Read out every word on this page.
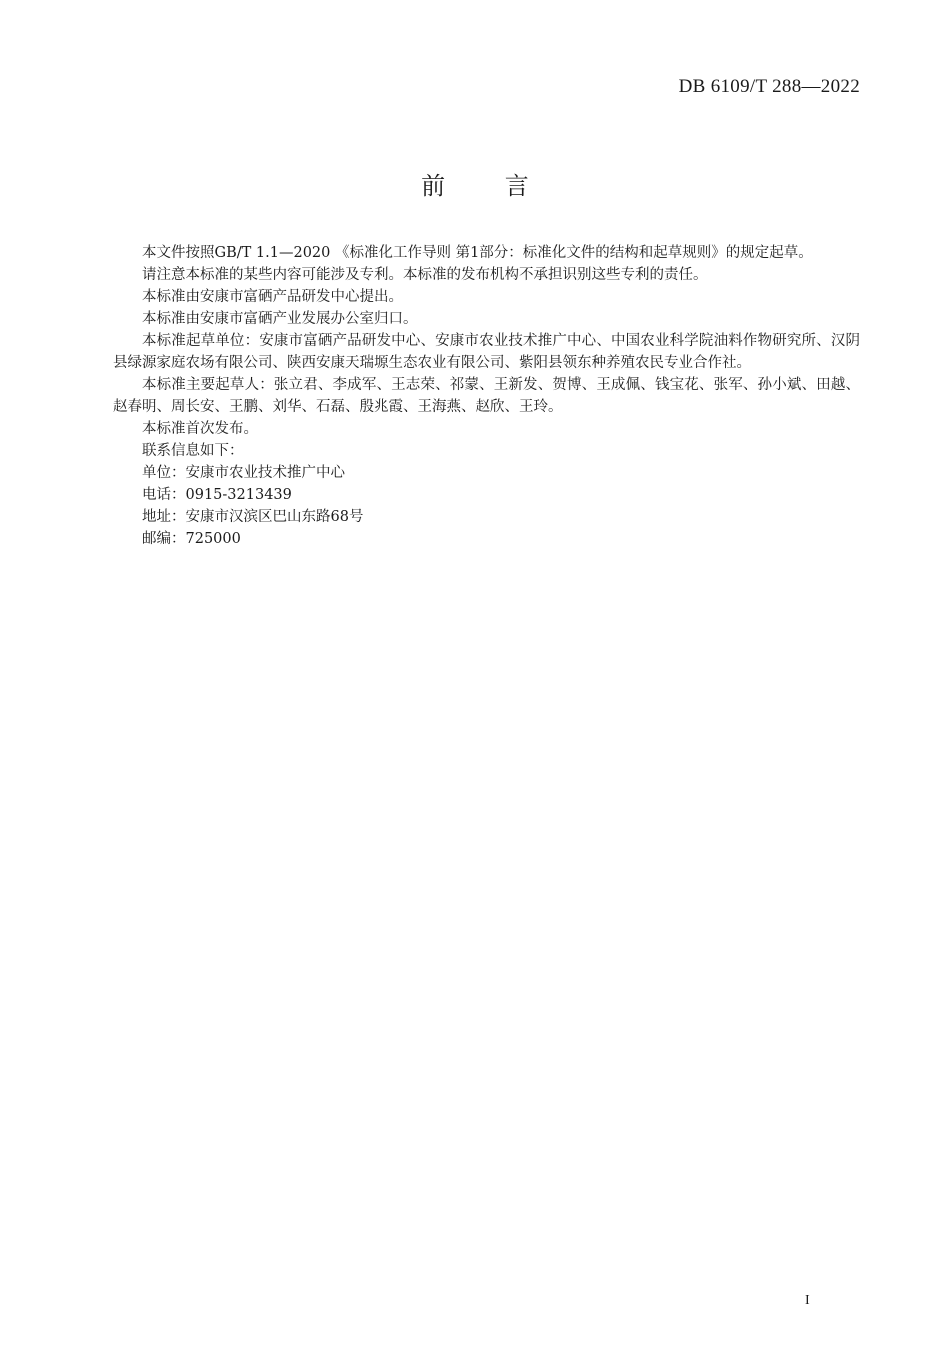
DB 6109/T 288—2022
前 言

本文件按照GB/T 1.1—2020 《标准化工作导则 第1部分：标准化文件的结构和起草规则》的规定起草。

请注意本标准的某些内容可能涉及专利。本标准的发布机构不承担识别这些专利的责任。

本标准由安康市富硒产品研发中心提出。

本标准由安康市富硒产业发展办公室归口。

本标准起草单位：安康市富硒产品研发中心、安康市农业技术推广中心、中国农业科学院油料作物研究所、汉阴县绿源家庭农场有限公司、陕西安康天瑞塬生态农业有限公司、紫阳县领东种养殖农民专业合作社。

本标准主要起草人：张立君、李成军、王志荣、祁蒙、王新发、贺博、王成佩、钱宝花、张军、孙小斌、田越、赵春明、周长安、王鹏、刘华、石磊、殷兆霞、王海燕、赵欣、王玲。

本标准首次发布。

联系信息如下：

单位：安康市农业技术推广中心

电话：0915-3213439

地址：安康市汉滨区巴山东路68号

邮编：725000

I
